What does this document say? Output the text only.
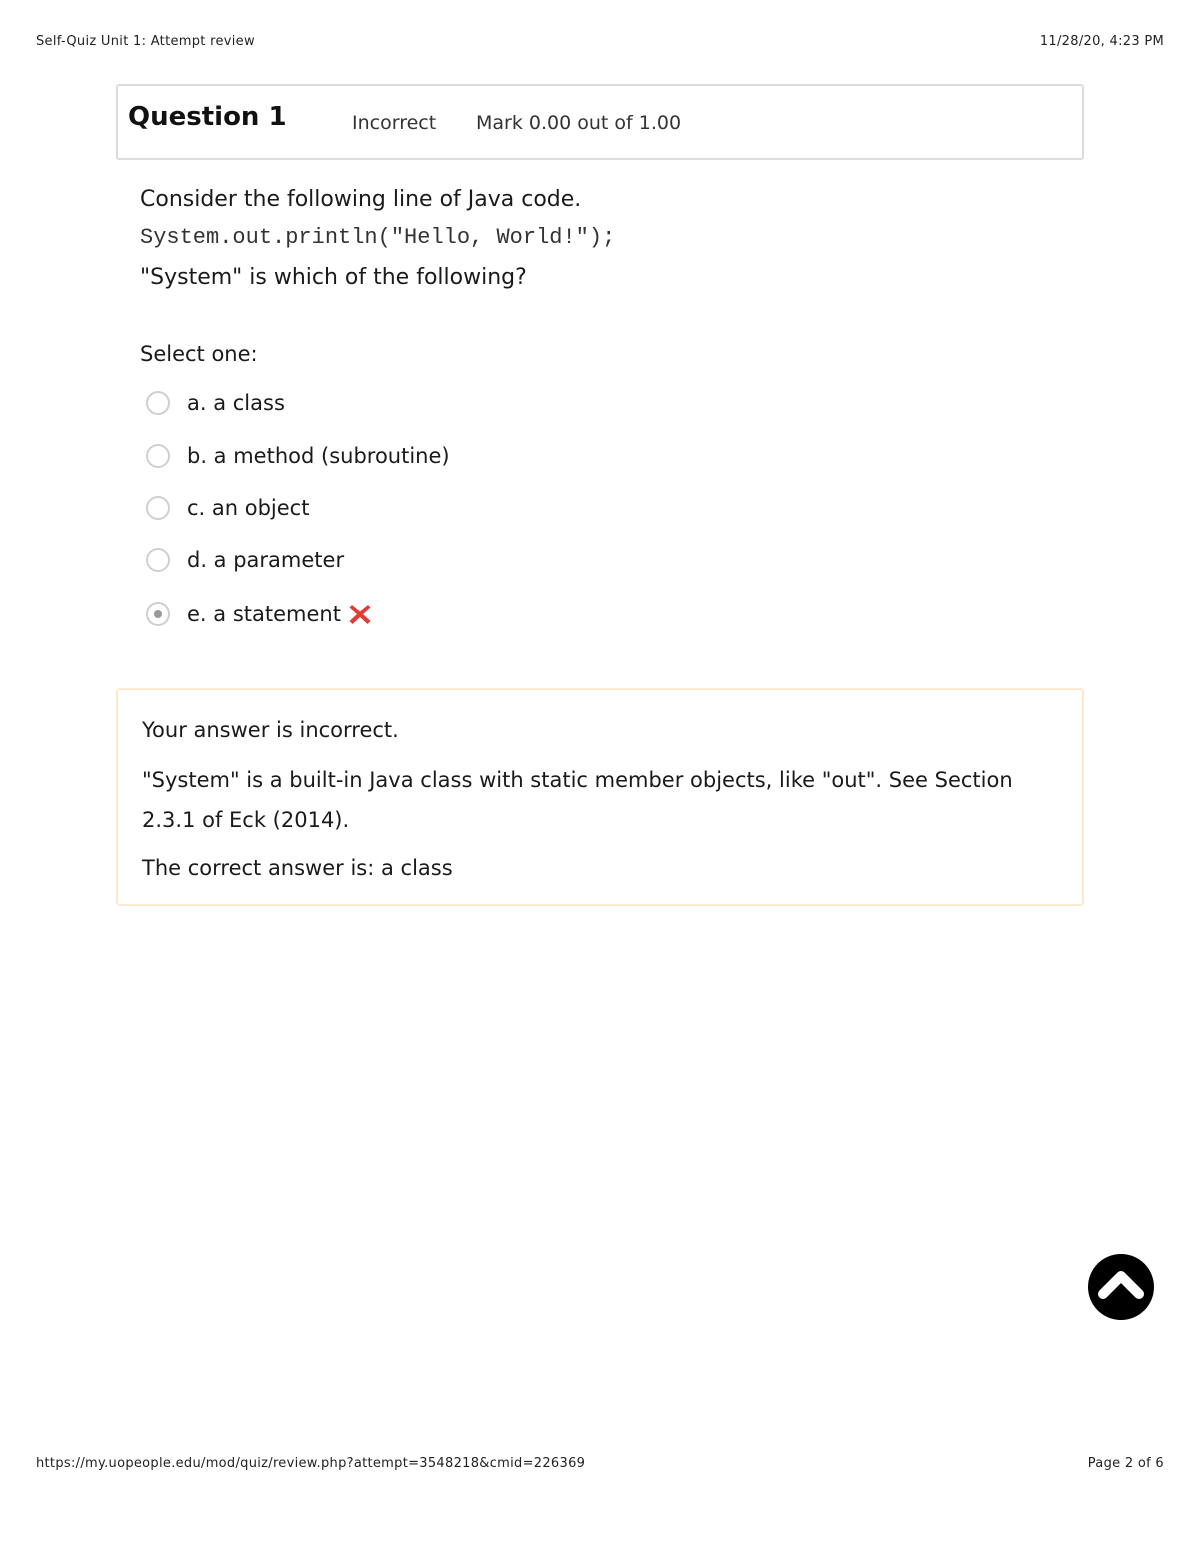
Self-Quiz Unit 1: Attempt review	11/28/20, 4:23 PM
Question 1	Incorrect Mark 0.00 out of 1.00
Consider the following line of Java code.
System.out.println("Hello, World!");
"System" is which of the following?
Select one:
a. a class
b. a method (subroutine)
c. an object
d. a parameter
e. a statement

Your answer is incorrect.

"System" is a built-in Java class with static member objects, like "out". See Section 2.3.1 of Eck (2014).

The correct answer is: a class

https://my.uopeople.edu/mod/quiz/review.php?attempt=3548218&cmid=226369	Page 2 of 6
